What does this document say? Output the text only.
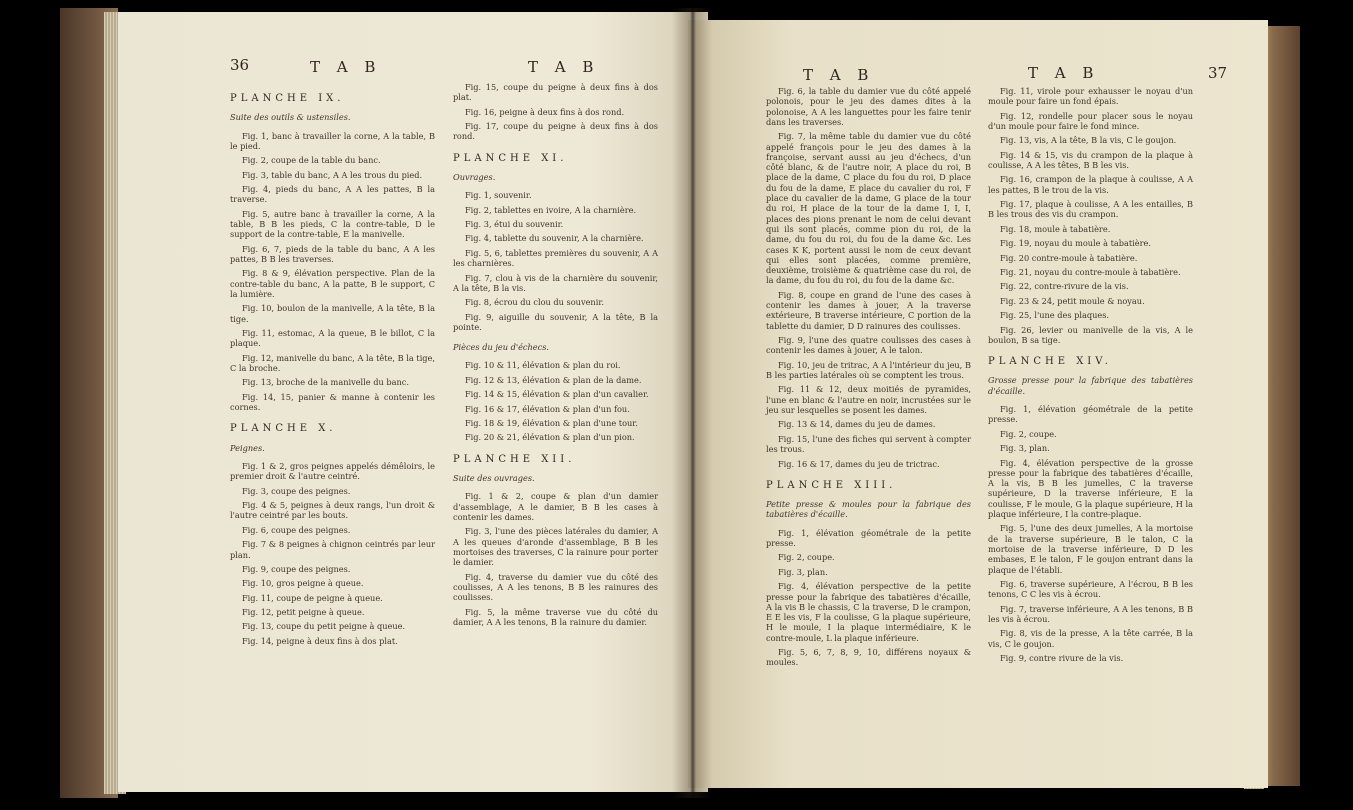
36	T A B	T A B

PLANCHE IX.

Suite des outils & ustensiles.

Fig. 1, banc à travailler la corne, A la table, B le pied.

Fig. 2, coupe de la table du banc.

Fig. 3, table du banc, A A les trous du pied.

Fig. 4, pieds du banc, A A les pattes, B la traverse.

Fig. 5, autre banc à travailler la corne, A la table, B B les pieds, C la contre-table, D le support de la contre-table, E la manivelle.

Fig. 6, 7, pieds de la table du banc, A A les pattes, B B les traverses.

Fig. 8 & 9, élévation perspective. Plan de la contre-table du banc, A la patte, B le support, C la lumière.

Fig. 10, boulon de la manivelle, A la tête, B la tige.

Fig. 11, estomac, A la queue, B le billot, C la plaque.

Fig. 12, manivelle du banc, A la tête, B la tige, C la broche.

Fig. 13, broche de la manivelle du banc.

Fig. 14, 15, panier & manne à contenir les cornes.

PLANCHE X.

Peignes.

Fig. 1 & 2, gros peignes appelés démêloirs, le premier droit & l'autre ceintré.

Fig. 3, coupe des peignes.

Fig. 4 & 5, peignes à deux rangs, l'un droit & l'autre ceintré par les bouts.

Fig. 6, coupe des peignes.

Fig. 7 & 8 peignes à chignon ceintrés par leur plan.

Fig. 9, coupe des peignes.

Fig. 10, gros peigne à queue.

Fig. 11, coupe de peigne à queue.

Fig. 12, petit peigne à queue.

Fig. 13, coupe du petit peigne à queue.

Fig. 14, peigne à deux fins à dos plat.

Fig. 15, coupe du peigne à deux fins à dos plat.

Fig. 16, peigne à deux fins à dos rond.

Fig. 17, coupe du peigne à deux fins à dos rond.

PLANCHE XI.

Ouvrages.

Fig. 1, souvenir.

Fig. 2, tablettes en ivoire, A la charnière.

Fig. 3, étui du souvenir.

Fig. 4, tablette du souvenir, A la charnière.

Fig. 5, 6, tablettes premières du souvenir, A A les charnières.

Fig. 7, clou à vis de la charnière du souvenir, A la tête, B la vis.

Fig. 8, écrou du clou du souvenir.

Fig. 9, aiguille du souvenir, A la tête, B la pointe.

Pièces du jeu d'échecs.

Fig. 10 & 11, élévation & plan du roi.

Fig. 12 & 13, élévation & plan de la dame.

Fig. 14 & 15, élévation & plan d'un cavalier.

Fig. 16 & 17, élévation & plan d'un fou.

Fig. 18 & 19, élévation & plan d'une tour.

Fig. 20 & 21, élévation & plan d'un pion.

PLANCHE XII.

Suite des ouvrages.

Fig. 1 & 2, coupe & plan d'un damier d'assemblage, A le damier, B B les cases à contenir les dames.

Fig. 3, l'une des pièces latérales du damier, A A les queues d'aronde d'assemblage, B B les mortoises des traverses, C la rainure pour porter le damier.

Fig. 4, traverse du damier vue du côté des coulisses, A A les tenons, B B les rainures des coulisses.

Fig. 5, la même traverse vue du côté du damier, A A les tenons, B la rainure du damier.

T A B	T A B	37

Fig. 6, la table du damier vue du côté appelé polonois, pour le jeu des dames dites à la polonoise, A A les languettes pour les faire tenir dans les traverses.

Fig. 7, la même table du damier vue du côté appelé françois pour le jeu des dames à la françoise, servant aussi au jeu d'échecs, d'un côté blanc, & de l'autre noir, A place du roi, B place de la dame, C place du fou du roi, D place du fou de la dame, E place du cavalier du roi, F place du cavalier de la dame, G place de la tour du roi, H place de la tour de la dame I, I, I, places des pions prenant le nom de celui devant qui ils sont placés, comme pion du roi, de la dame, du fou du roi, du fou de la dame &c. Les cases K K, portent aussi le nom de ceux devant qui elles sont placées, comme première, deuxième, troisième & quatrième case du roi, de la dame, du fou du roi, du fou de la dame &c.

Fig. 8, coupe en grand de l'une des cases à contenir les dames à jouer, A la traverse extérieure, B traverse intérieure, C portion de la tablette du damier, D D rainures des coulisses.

Fig. 9, l'une des quatre coulisses des cases à contenir les dames à jouer, A le talon.

Fig. 10, jeu de tritrac, A A l'intérieur du jeu, B B les parties latérales où se comptent les trous.

Fig. 11 & 12, deux moitiés de pyramides, l'une en blanc & l'autre en noir, incrustées sur le jeu sur lesquelles se posent les dames.

Fig. 13 & 14, dames du jeu de dames.

Fig. 15, l'une des fiches qui servent à compter les trous.

Fig. 16 & 17, dames du jeu de trictrac.

PLANCHE XIII.

Petite presse & moules pour la fabrique des tabatières d'écaille.

Fig. 1, élévation géométrale de la petite presse.

Fig. 2, coupe.

Fig. 3, plan.

Fig. 4, élévation perspective de la petite presse pour la fabrique des tabatières d'écaille, A la vis B le chassis, C la traverse, D le crampon, E E les vis, F la coulisse, G la plaque supérieure, H le moule, I la plaque intermédiaire, K le contre-moule, L la plaque inférieure.

Fig. 5, 6, 7, 8, 9, 10, différens noyaux & moules.

Fig. 11, virole pour exhausser le noyau d'un moule pour faire un fond épais.

Fig. 12, rondelle pour placer sous le noyau d'un moule pour faire le fond mince.

Fig. 13, vis, A la tête, B la vis, C le goujon.

Fig. 14 & 15, vis du crampon de la plaque à coulisse, A A les têtes, B B les vis.

Fig. 16, crampon de la plaque à coulisse, A A les pattes, B le trou de la vis.

Fig. 17, plaque à coulisse, A A les entailles, B B les trous des vis du crampon.

Fig. 18, moule à tabatière.

Fig. 19, noyau du moule à tabatière.

Fig. 20 contre-moule à tabatière.

Fig. 21, noyau du contre-moule à tabatière.

Fig. 22, contre-rivure de la vis.

Fig. 23 & 24, petit moule & noyau.

Fig. 25, l'une des plaques.

Fig. 26, levier ou manivelle de la vis, A le boulon, B sa tige.

PLANCHE XIV.

Grosse presse pour la fabrique des tabatières d'écaille.

Fig. 1, élévation géométrale de la petite presse.

Fig. 2, coupe.

Fig. 3, plan.

Fig. 4, élévation perspective de la grosse presse pour la fabrique des tabatières d'écaille, A la vis, B B les jumelles, C la traverse supérieure, D la traverse inférieure, E la coulisse, F le moule, G la plaque supérieure, H la plaque inférieure, I la contre-plaque.

Fig. 5, l'une des deux jumelles, A la mortoise de la traverse supérieure, B le talon, C la mortoise de la traverse inférieure, D D les embases, E le talon, F le goujon entrant dans la plaque de l'établi.

Fig. 6, traverse supérieure, A l'écrou, B B les tenons, C C les vis à écrou.

Fig. 7, traverse inférieure, A A les tenons, B B les vis à écrou.

Fig. 8, vis de la presse, A la tête carrée, B la vis, C le goujon.

Fig. 9, contre rivure de la vis.
